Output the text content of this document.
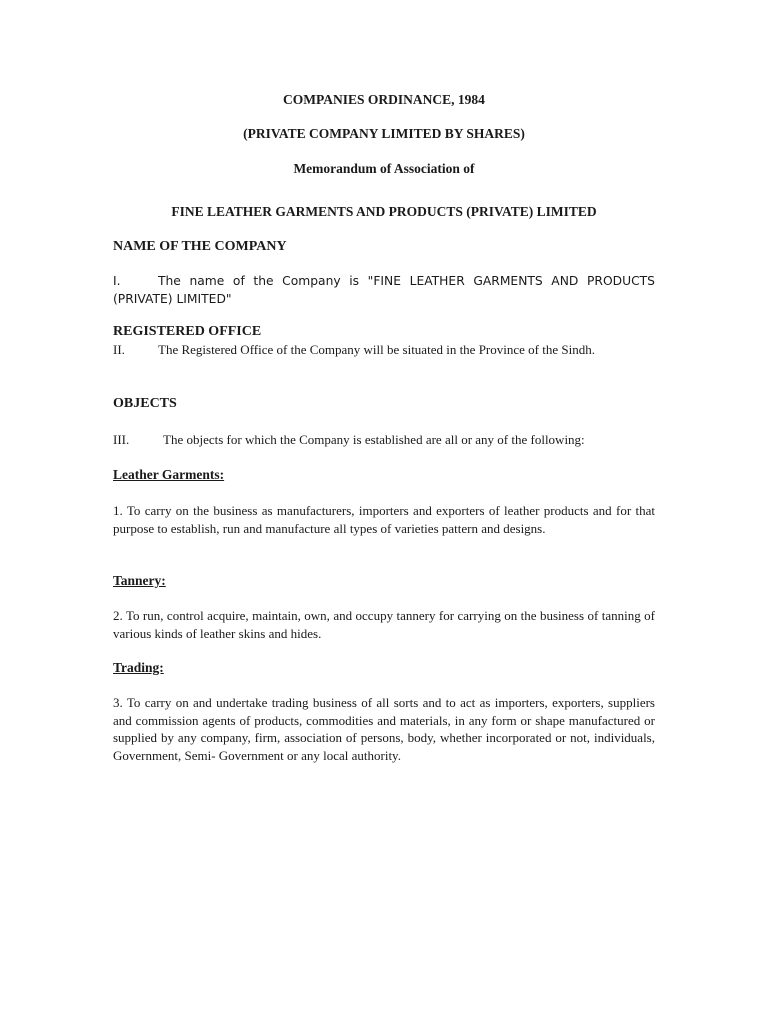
COMPANIES ORDINANCE, 1984
(PRIVATE COMPANY LIMITED BY SHARES)
Memorandum of Association of
FINE LEATHER GARMENTS AND PRODUCTS (PRIVATE) LIMITED
NAME OF THE COMPANY
I.	The name of the Company is "FINE LEATHER GARMENTS AND PRODUCTS (PRIVATE) LIMITED"
REGISTERED OFFICE
II.	The Registered Office of the Company will be situated in the Province of the Sindh.
OBJECTS
III.	The objects for which the Company is established are all or any of the following:
Leather Garments:
1. To carry on the business as manufacturers, importers and exporters of leather products and for that purpose to establish, run and manufacture all types of varieties pattern and designs.
Tannery:
2. To run, control acquire, maintain, own, and occupy tannery for carrying on the business of tanning of various kinds of leather skins and hides.
Trading:
3. To carry on and undertake trading business of all sorts and to act as importers, exporters, suppliers and commission agents of products, commodities and materials, in any form or shape manufactured or supplied by any company, firm, association of persons, body, whether incorporated or not, individuals, Government, Semi- Government or any local authority.
